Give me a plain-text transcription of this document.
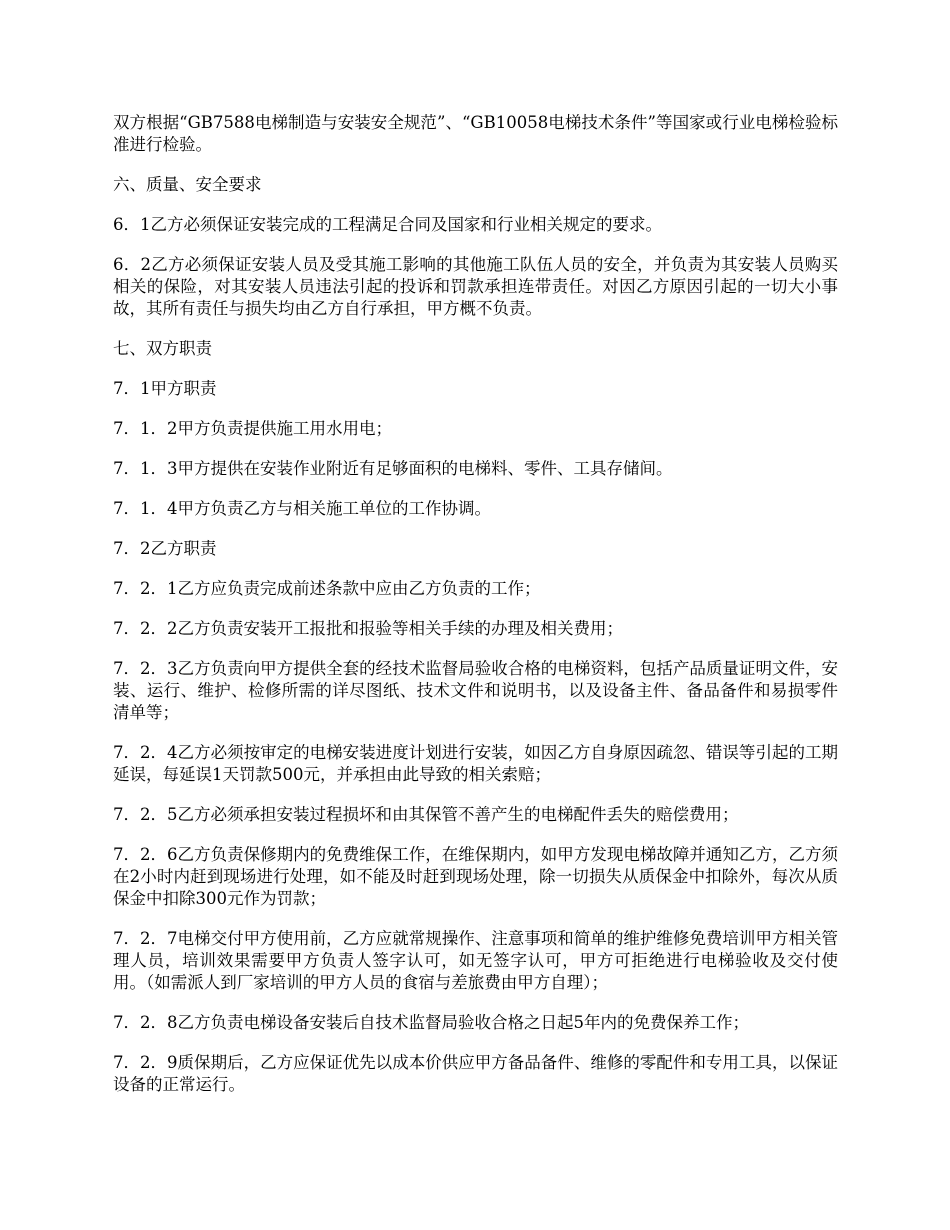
双方根据“GB7588电梯制造与安装安全规范”、“GB10058电梯技术条件”等国家或行业电梯检验标准进行检验。

六、质量、安全要求

6．1乙方必须保证安装完成的工程满足合同及国家和行业相关规定的要求。

6．2乙方必须保证安装人员及受其施工影响的其他施工队伍人员的安全，并负责为其安装人员购买相关的保险，对其安装人员违法引起的投诉和罚款承担连带责任。对因乙方原因引起的一切大小事故，其所有责任与损失均由乙方自行承担，甲方概不负责。

七、双方职责

7．1甲方职责

7．1．2甲方负责提供施工用水用电；

7．1．3甲方提供在安装作业附近有足够面积的电梯料、零件、工具存储间。

7．1．4甲方负责乙方与相关施工单位的工作协调。

7．2乙方职责

7．2．1乙方应负责完成前述条款中应由乙方负责的工作；

7．2．2乙方负责安装开工报批和报验等相关手续的办理及相关费用；

7．2．3乙方负责向甲方提供全套的经技术监督局验收合格的电梯资料，包括产品质量证明文件，安装、运行、维护、检修所需的详尽图纸、技术文件和说明书，以及设备主件、备品备件和易损零件清单等；

7．2．4乙方必须按审定的电梯安装进度计划进行安装，如因乙方自身原因疏忽、错误等引起的工期延误，每延误1天罚款500元，并承担由此导致的相关索赔；

7．2．5乙方必须承担安装过程损坏和由其保管不善产生的电梯配件丢失的赔偿费用；

7．2．6乙方负责保修期内的免费维保工作，在维保期内，如甲方发现电梯故障并通知乙方，乙方须在2小时内赶到现场进行处理，如不能及时赶到现场处理，除一切损失从质保金中扣除外，每次从质保金中扣除300元作为罚款；

7．2．7电梯交付甲方使用前，乙方应就常规操作、注意事项和简单的维护维修免费培训甲方相关管理人员，培训效果需要甲方负责人签字认可，如无签字认可，甲方可拒绝进行电梯验收及交付使用。（如需派人到厂家培训的甲方人员的食宿与差旅费由甲方自理）；

7．2．8乙方负责电梯设备安装后自技术监督局验收合格之日起5年内的免费保养工作；

7．2．9质保期后，乙方应保证优先以成本价供应甲方备品备件、维修的零配件和专用工具，以保证设备的正常运行。
